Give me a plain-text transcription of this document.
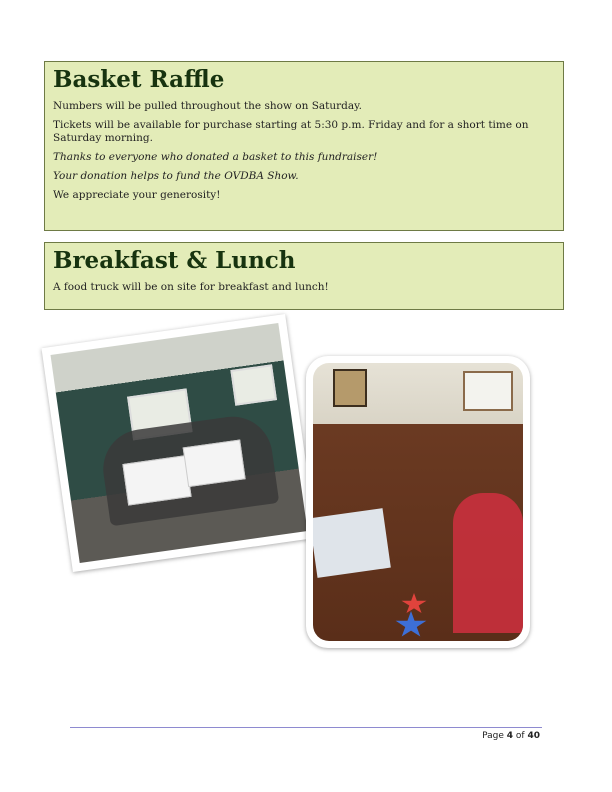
Basket Raffle

Numbers will be pulled throughout the show on Saturday.

Tickets will be available for purchase starting at 5:30 p.m. Friday and for a short time on Saturday morning.

Thanks to everyone who donated a basket to this fundraiser!

Your donation helps to fund the OVDBA Show.

We appreciate your generosity!

Breakfast & Lunch

A food truck will be on site for breakfast and lunch!

Page 4 of 40
